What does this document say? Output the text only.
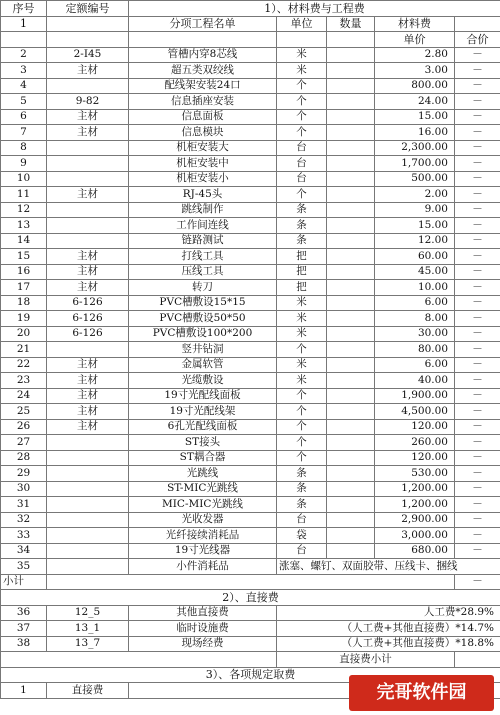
序号	定额编号	1）、材料费与工程费				
1		分项工程名单	单位	数量	材料费	
					单价	合价
2	2-I45	管槽内穿8芯线	米		2.80	－
3	主材	超五类双绞线	米		3.00	－
4		配线架安装24口	个		800.00	－
5	9-82	信息插座安装	个		24.00	－
6	主材	信息面板	个		15.00	－
7	主材	信息模块	个		16.00	－
8		机柜安装大	台		2,300.00	－
9		机柜安装中	台		1,700.00	－
10		机柜安装小	台		500.00	－
11	主材	RJ-45头	个		2.00	－
12		跳线制作	条		9.00	－
13		工作间连线	条		15.00	－
14		链路测试	条		12.00	－
15	主材	打线工具	把		60.00	－
16	主材	压线工具	把		45.00	－
17	主材	转刀	把		10.00	－
18	6-126	PVC槽敷设15*15	米		6.00	－
19	6-126	PVC槽敷设50*50	米		8.00	－
20	6-126	PVC槽敷设100*200	米		30.00	－
21		竖井钻洞	个		80.00	－
22	主材	金属软管	米		6.00	－
23	主材	光缆敷设	米		40.00	－
24	主材	19寸光配线面板	个		1,900.00	－
25	主材	19寸光配线架	个		4,500.00	－
26	主材	6孔光配线面板	个		120.00	－
27		ST接头	个		260.00	－
28		ST耦合器	个		120.00	－
29		光跳线	条		530.00	－
30		ST-MIC光跳线	条		1,200.00	－
31		MIC-MIC光跳线	条		1,200.00	－
32		光收发器	台		2,900.00	－
33		光纤接续消耗品	袋		3,000.00	－
34		19寸光线器	台		680.00	－
35		小件消耗品	涨塞、螺钉、双面胶带、压线卡、捆线			
小计						－
2）、直接费						
36	12_5	其他直接费	人工费*28.9%			
37	13_1	临时设施费	（人工费+其他直接费）*14.7%			
38	13_7	现场经费	（人工费+其他直接费）*18.8%			
			直接费小计			
3）、各项规定取费						
1	直接费						完哥软件园
